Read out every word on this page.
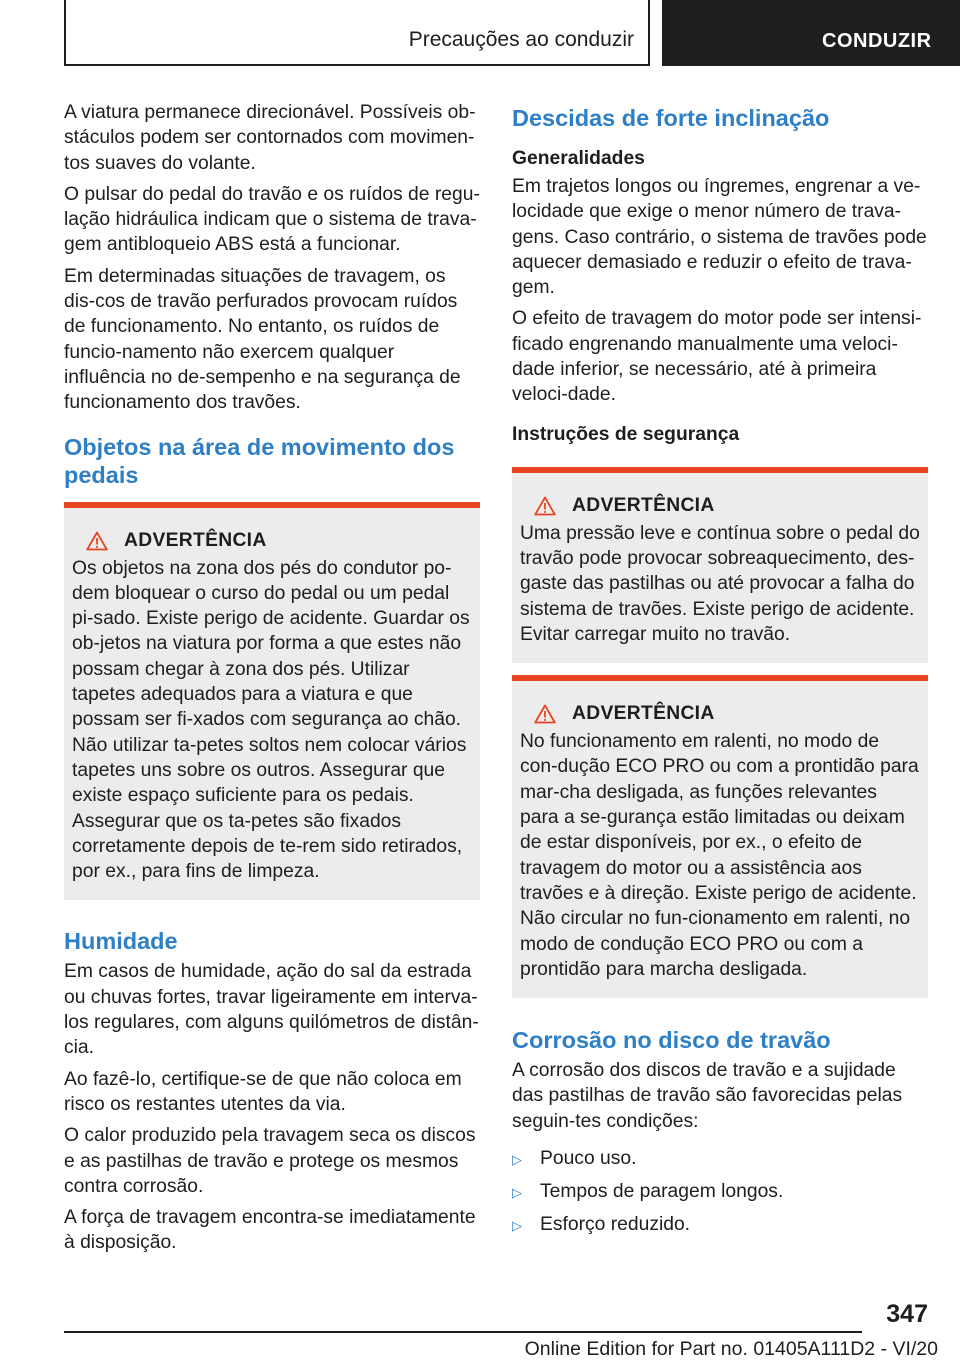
Precauções ao conduzir	CONDUZIR

A viatura permanece direcionável. Possíveis ob-stáculos podem ser contornados com movimen-tos suaves do volante.

O pulsar do pedal do travão e os ruídos de regu-lação hidráulica indicam que o sistema de trava-gem antibloqueio ABS está a funcionar.

Em determinadas situações de travagem, os dis-cos de travão perfurados provocam ruídos de funcionamento. No entanto, os ruídos de funcio-namento não exercem qualquer influência no de-sempenho e na segurança de funcionamento dos travões.

Objetos na área de movimento dos pedais
ADVERTÊNCIA

Os objetos na zona dos pés do condutor po-dem bloquear o curso do pedal ou um pedal pi-sado. Existe perigo de acidente. Guardar os ob-jetos na viatura por forma a que estes não possam chegar à zona dos pés. Utilizar tapetes adequados para a viatura e que possam ser fi-xados com segurança ao chão. Não utilizar ta-petes soltos nem colocar vários tapetes uns sobre os outros. Assegurar que existe espaço suficiente para os pedais. Assegurar que os ta-petes são fixados corretamente depois de te-rem sido retirados, por ex., para fins de limpeza.

Humidade

Em casos de humidade, ação do sal da estrada ou chuvas fortes, travar ligeiramente em interva-los regulares, com alguns quilómetros de distân-cia.

Ao fazê-lo, certifique-se de que não coloca em risco os restantes utentes da via.

O calor produzido pela travagem seca os discos e as pastilhas de travão e protege os mesmos contra corrosão.

A força de travagem encontra-se imediatamente à disposição.

Descidas de forte inclinação
Generalidades

Em trajetos longos ou íngremes, engrenar a ve-locidade que exige o menor número de trava-gens. Caso contrário, o sistema de travões pode aquecer demasiado e reduzir o efeito de trava-gem.

O efeito de travagem do motor pode ser intensi-ficado engrenando manualmente uma veloci-dade inferior, se necessário, até à primeira veloci-dade.

Instruções de segurança
ADVERTÊNCIA

Uma pressão leve e contínua sobre o pedal do travão pode provocar sobreaquecimento, des-gaste das pastilhas ou até provocar a falha do sistema de travões. Existe perigo de acidente. Evitar carregar muito no travão.

ADVERTÊNCIA

No funcionamento em ralenti, no modo de con-dução ECO PRO ou com a prontidão para mar-cha desligada, as funções relevantes para a se-gurança estão limitadas ou deixam de estar disponíveis, por ex., o efeito de travagem do motor ou a assistência aos travões e à direção. Existe perigo de acidente. Não circular no fun-cionamento em ralenti, no modo de condução ECO PRO ou com a prontidão para marcha desligada.

Corrosão no disco de travão

A corrosão dos discos de travão e a sujidade das pastilhas de travão são favorecidas pelas seguin-tes condições:

▷ Pouco uso.
▷ Tempos de paragem longos.
▷ Esforço reduzido.
347
Online Edition for Part no. 01405A111D2 - VI/20
